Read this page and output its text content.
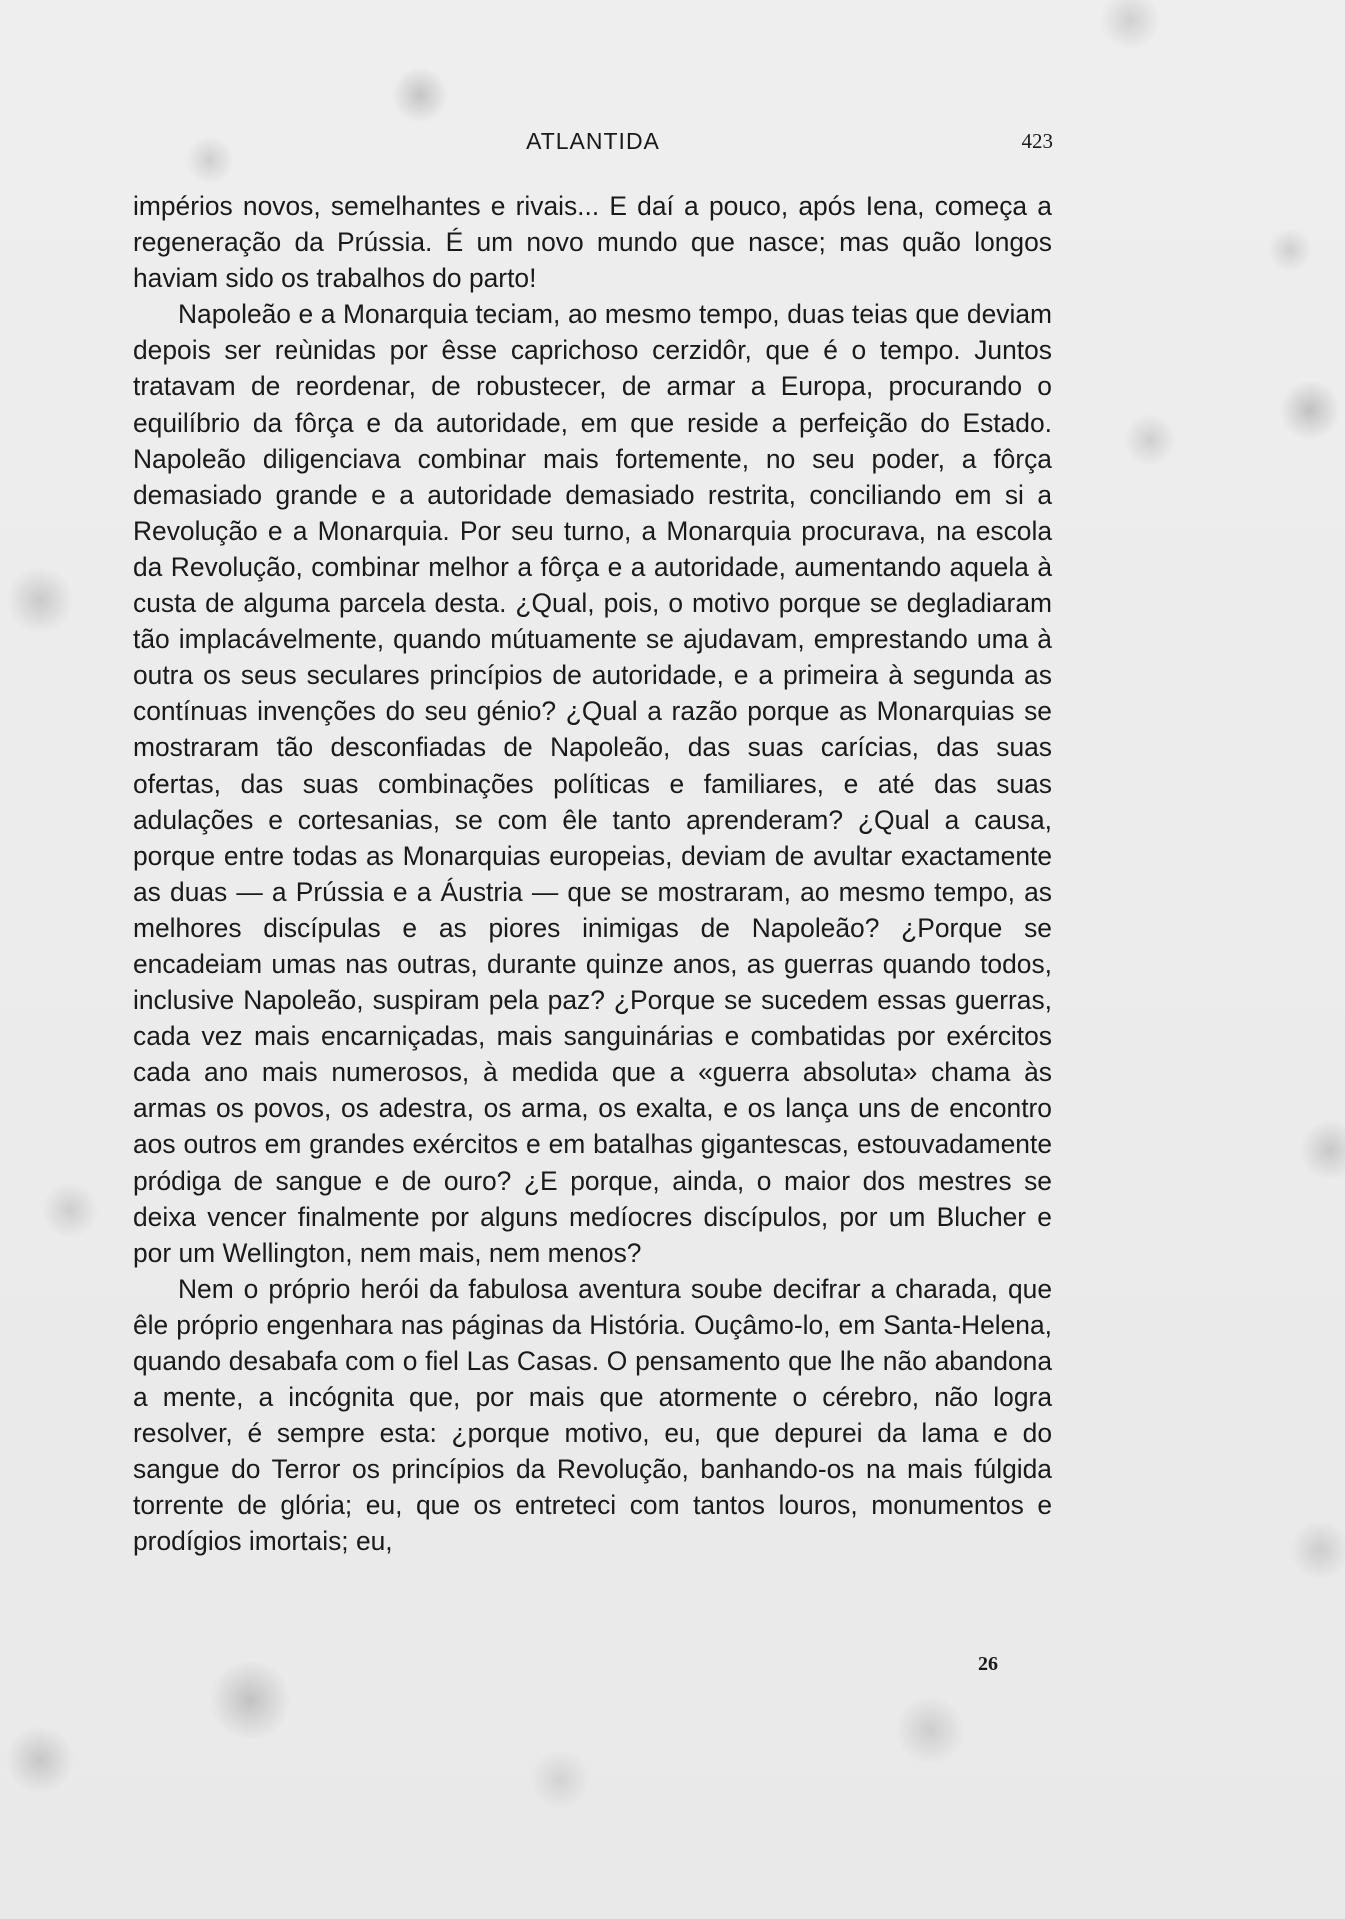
ATLANTIDA	423

impérios novos, semelhantes e rivais... E daí a pouco, após Iena, começa a regeneração da Prússia. É um novo mundo que nasce; mas quão longos haviam sido os trabalhos do parto!

Napoleão e a Monarquia teciam, ao mesmo tempo, duas teias que deviam depois ser reùnidas por êsse caprichoso cerzidôr, que é o tempo. Juntos tratavam de reordenar, de robustecer, de armar a Europa, procurando o equilíbrio da fôrça e da autoridade, em que reside a perfeição do Estado. Napoleão diligenciava combinar mais fortemente, no seu poder, a fôrça demasiado grande e a autoridade demasiado restrita, conciliando em si a Revolução e a Monarquia. Por seu turno, a Monarquia procurava, na escola da Revolução, combinar melhor a fôrça e a autoridade, aumentando aquela à custa de alguma parcela desta. ¿Qual, pois, o motivo porque se degladiaram tão implacávelmente, quando mútuamente se ajudavam, emprestando uma à outra os seus seculares princípios de autoridade, e a primeira à segunda as contínuas invenções do seu génio? ¿Qual a razão porque as Monarquias se mostraram tão desconfiadas de Napoleão, das suas carícias, das suas ofertas, das suas combinações políticas e familiares, e até das suas adulações e cortesanias, se com êle tanto aprenderam? ¿Qual a causa, porque entre todas as Monarquias europeias, deviam de avultar exactamente as duas — a Prússia e a Áustria — que se mostraram, ao mesmo tempo, as melhores discípulas e as piores inimigas de Napoleão? ¿Porque se encadeiam umas nas outras, durante quinze anos, as guerras quando todos, inclusive Napoleão, suspiram pela paz? ¿Porque se sucedem essas guerras, cada vez mais encarniçadas, mais sanguinárias e combatidas por exércitos cada ano mais numerosos, à medida que a «guerra absoluta» chama às armas os povos, os adestra, os arma, os exalta, e os lança uns de encontro aos outros em grandes exércitos e em batalhas gigantescas, estouvadamente pródiga de sangue e de ouro? ¿E porque, ainda, o maior dos mestres se deixa vencer finalmente por alguns medíocres discípulos, por um Blucher e por um Wellington, nem mais, nem menos?

Nem o próprio herói da fabulosa aventura soube decifrar a charada, que êle próprio engenhara nas páginas da História. Ouçâmo-lo, em Santa-Helena, quando desabafa com o fiel Las Casas. O pensamento que lhe não abandona a mente, a incógnita que, por mais que atormente o cérebro, não logra resolver, é sempre esta: ¿porque motivo, eu, que depurei da lama e do sangue do Terror os princípios da Revolução, banhando-os na mais fúlgida torrente de glória; eu, que os entreteci com tantos louros, monumentos e prodígios imortais; eu,

26
